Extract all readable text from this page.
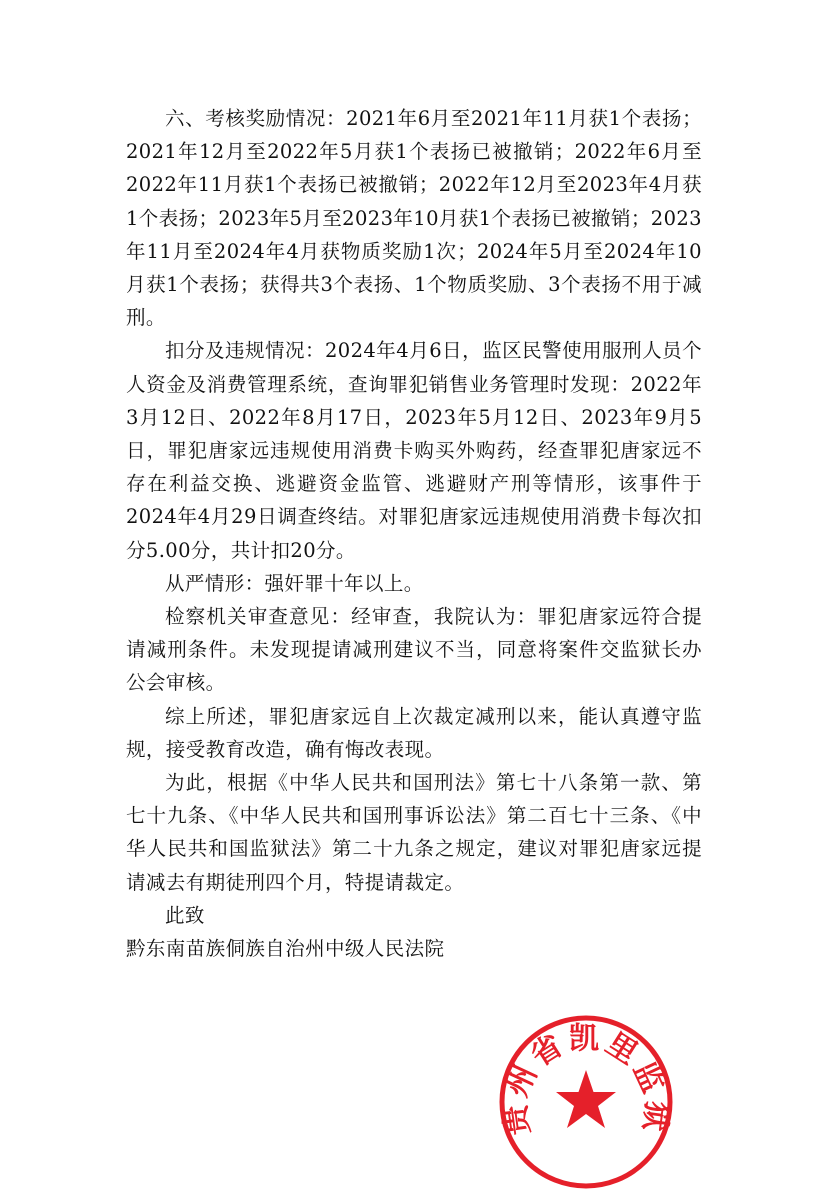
六、考核奖励情况：2021年6月至2021年11月获1个表扬；2021年12月至2022年5月获1个表扬已被撤销；2022年6月至2022年11月获1个表扬已被撤销；2022年12月至2023年4月获1个表扬；2023年5月至2023年10月获1个表扬已被撤销；2023年11月至2024年4月获物质奖励1次；2024年5月至2024年10月获1个表扬；获得共3个表扬、1个物质奖励、3个表扬不用于减刑。

扣分及违规情况：2024年4月6日，监区民警使用服刑人员个人资金及消费管理系统，查询罪犯销售业务管理时发现：2022年3月12日、2022年8月17日，2023年5月12日、2023年9月5日，罪犯唐家远违规使用消费卡购买外购药，经查罪犯唐家远不存在利益交换、逃避资金监管、逃避财产刑等情形，该事件于2024年4月29日调查终结。对罪犯唐家远违规使用消费卡每次扣分5.00分，共计扣20分。

从严情形：强奸罪十年以上。

检察机关审查意见：经审查，我院认为：罪犯唐家远符合提请减刑条件。未发现提请减刑建议不当，同意将案件交监狱长办公会审核。

综上所述，罪犯唐家远自上次裁定减刑以来，能认真遵守监规，接受教育改造，确有悔改表现。

为此，根据《中华人民共和国刑法》第七十八条第一款、第七十九条、《中华人民共和国刑事诉讼法》第二百七十三条、《中华人民共和国监狱法》第二十九条之规定，建议对罪犯唐家远提请减去有期徒刑四个月，特提请裁定。

此致

黔东南苗族侗族自治州中级人民法院

贵州省凯里监狱
